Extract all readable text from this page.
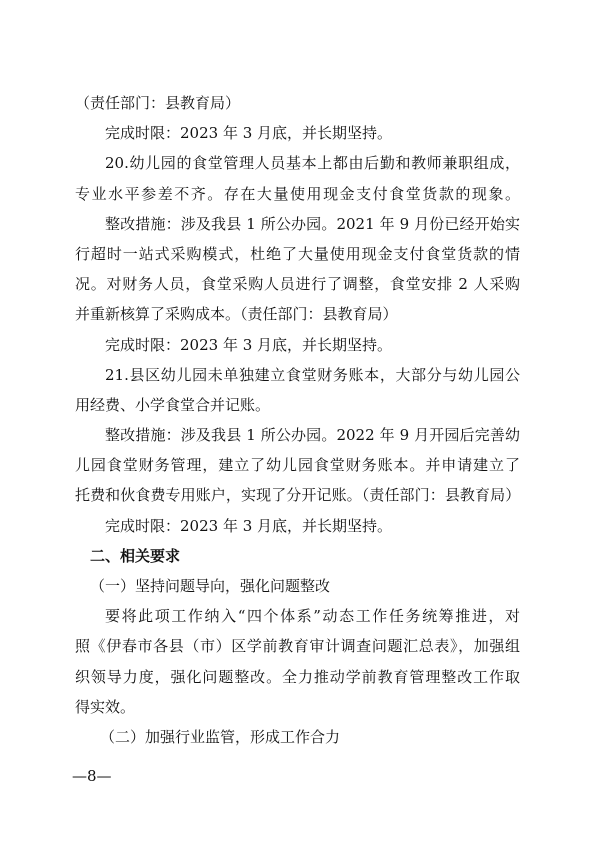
（责任部门：县教育局）
完成时限：2023 年 3 月底，并长期坚持。
20.幼儿园的食堂管理人员基本上都由后勤和教师兼职组成，
专业水平参差不齐。存在大量使用现金支付食堂货款的现象。
整改措施：涉及我县 1 所公办园。2021 年 9 月份已经开始实
行超时一站式采购模式，杜绝了大量使用现金支付食堂货款的情
况。对财务人员，食堂采购人员进行了调整，食堂安排 2 人采购
并重新核算了采购成本。（责任部门：县教育局）
完成时限：2023 年 3 月底，并长期坚持。
21.县区幼儿园未单独建立食堂财务账本，大部分与幼儿园公
用经费、小学食堂合并记账。
整改措施：涉及我县 1 所公办园。2022 年 9 月开园后完善幼
儿园食堂财务管理，建立了幼儿园食堂财务账本。并申请建立了
托费和伙食费专用账户，实现了分开记账。（责任部门：县教育局）
完成时限：2023 年 3 月底，并长期坚持。
二、相关要求
（一）坚持问题导向，强化问题整改
要将此项工作纳入“四个体系”动态工作任务统筹推进，对
照《伊春市各县（市）区学前教育审计调查问题汇总表》，加强组
织领导力度，强化问题整改。全力推动学前教育管理整改工作取
得实效。
（二）加强行业监管，形成工作合力
—8—
